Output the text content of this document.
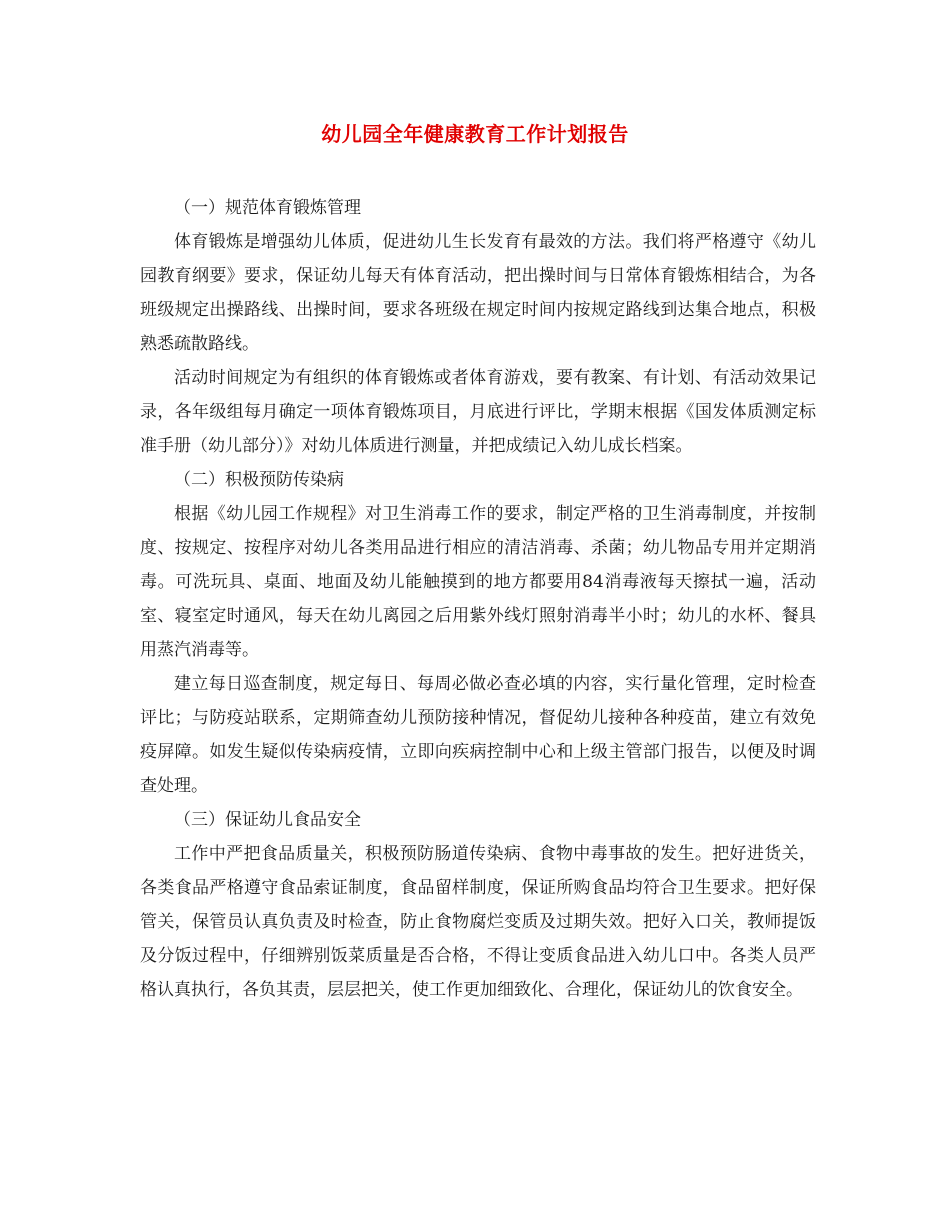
幼儿园全年健康教育工作计划报告

（一）规范体育锻炼管理

体育锻炼是增强幼儿体质，促进幼儿生长发育有最效的方法。我们将严格遵守《幼儿园教育纲要》要求，保证幼儿每天有体育活动，把出操时间与日常体育锻炼相结合，为各班级规定出操路线、出操时间，要求各班级在规定时间内按规定路线到达集合地点，积极熟悉疏散路线。

活动时间规定为有组织的体育锻炼或者体育游戏，要有教案、有计划、有活动效果记录，各年级组每月确定一项体育锻炼项目，月底进行评比，学期末根据《国发体质测定标准手册（幼儿部分）》对幼儿体质进行测量，并把成绩记入幼儿成长档案。

（二）积极预防传染病

根据《幼儿园工作规程》对卫生消毒工作的要求，制定严格的卫生消毒制度，并按制度、按规定、按程序对幼儿各类用品进行相应的清洁消毒、杀菌；幼儿物品专用并定期消毒。可洗玩具、桌面、地面及幼儿能触摸到的地方都要用84消毒液每天擦拭一遍，活动室、寝室定时通风，每天在幼儿离园之后用紫外线灯照射消毒半小时；幼儿的水杯、餐具用蒸汽消毒等。

建立每日巡查制度，规定每日、每周必做必查必填的内容，实行量化管理，定时检查评比；与防疫站联系，定期筛查幼儿预防接种情况，督促幼儿接种各种疫苗，建立有效免疫屏障。如发生疑似传染病疫情，立即向疾病控制中心和上级主管部门报告，以便及时调查处理。

（三）保证幼儿食品安全

工作中严把食品质量关，积极预防肠道传染病、食物中毒事故的发生。把好进货关，各类食品严格遵守食品索证制度，食品留样制度，保证所购食品均符合卫生要求。把好保管关，保管员认真负责及时检查，防止食物腐烂变质及过期失效。把好入口关，教师提饭及分饭过程中，仔细辨别饭菜质量是否合格，不得让变质食品进入幼儿口中。各类人员严格认真执行，各负其责，层层把关，使工作更加细致化、合理化，保证幼儿的饮食安全。
